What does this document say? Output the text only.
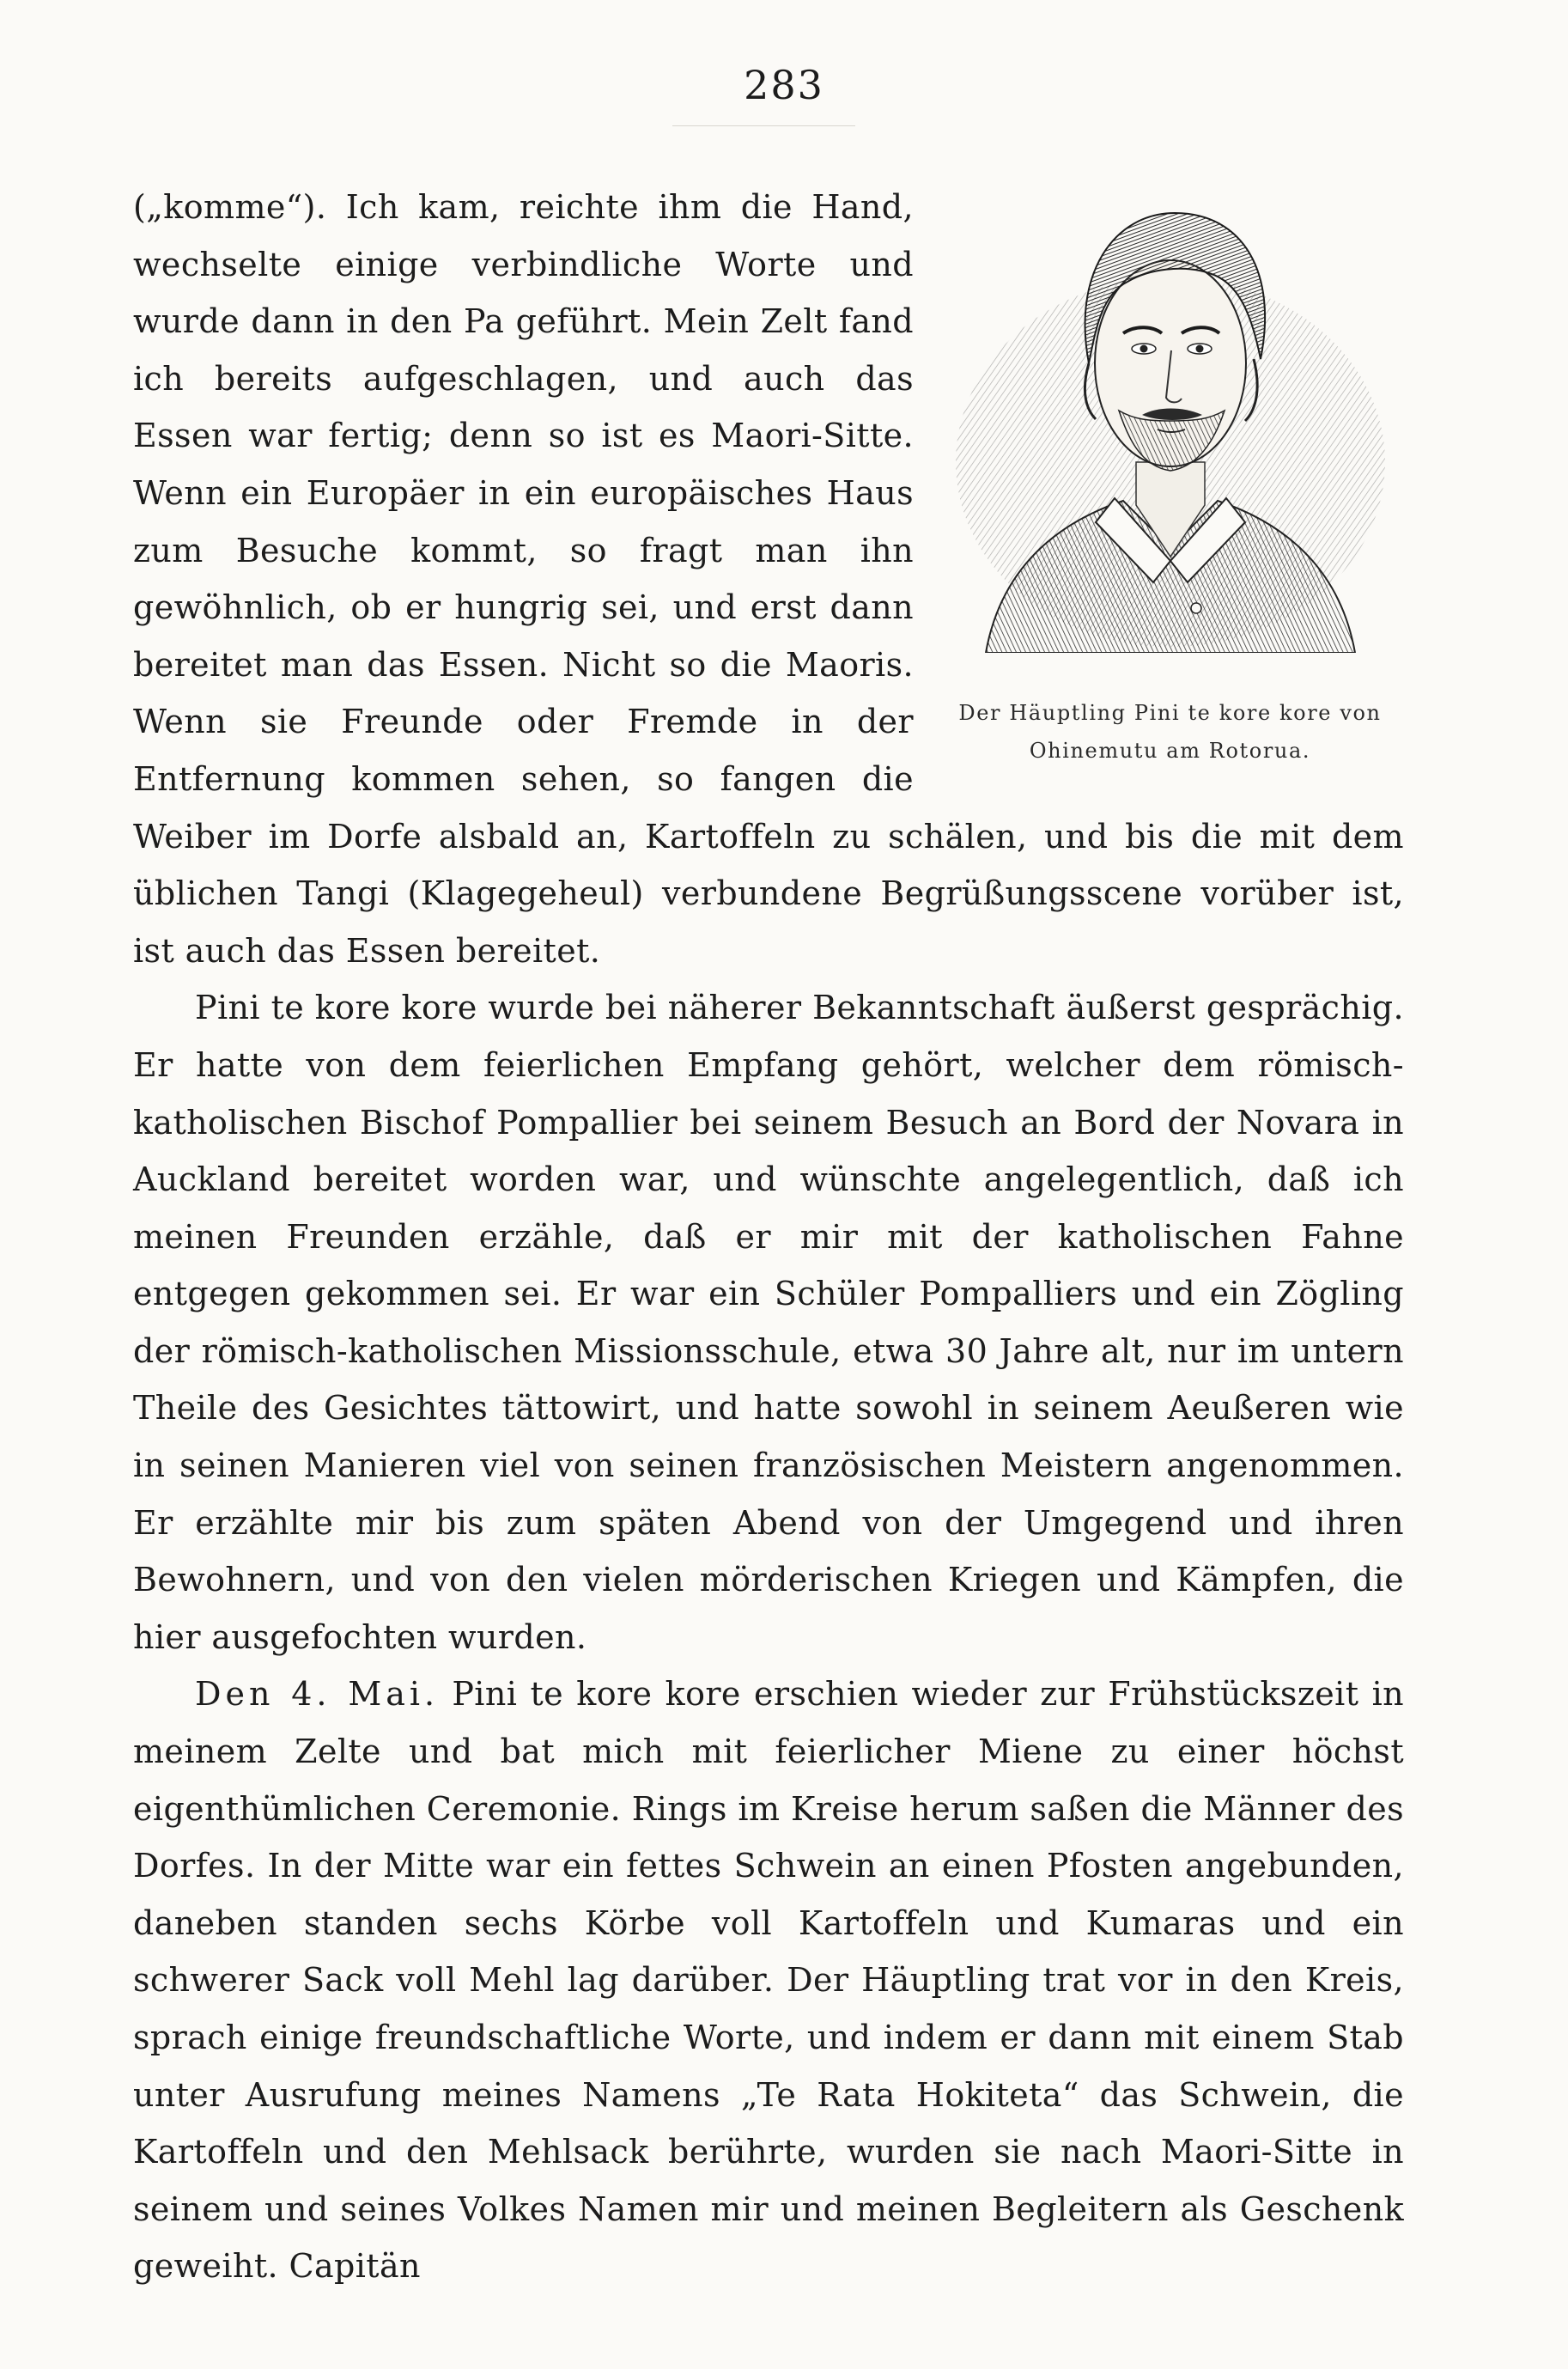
283
Der Häuptling Pini te kore kore von
Ohinemutu am Rotorua.

(„komme“). Ich kam, reichte ihm die Hand, wechselte einige verbindliche Worte und wurde dann in den Pa geführt. Mein Zelt fand ich bereits aufgeschlagen, und auch das Essen war fertig; denn so ist es Maori-Sitte. Wenn ein Europäer in ein europäisches Haus zum Besuche kommt, so fragt man ihn gewöhnlich, ob er hungrig sei, und erst dann bereitet man das Essen. Nicht so die Maoris. Wenn sie Freunde oder Fremde in der Entfernung kommen sehen, so fangen die Weiber im Dorfe alsbald an, Kartoffeln zu schälen, und bis die mit dem üblichen Tangi (Klagegeheul) verbundene Begrüßungsscene vorüber ist, ist auch das Essen bereitet.

Pini te kore kore wurde bei näherer Bekanntschaft äußerst gesprächig. Er hatte von dem feierlichen Empfang gehört, welcher dem römisch-katholischen Bischof Pompallier bei seinem Besuch an Bord der Novara in Auckland bereitet worden war, und wünschte angelegentlich, daß ich meinen Freunden erzähle, daß er mir mit der katholischen Fahne entgegen gekommen sei. Er war ein Schüler Pompalliers und ein Zögling der römisch-katholischen Missionsschule, etwa 30 Jahre alt, nur im untern Theile des Gesichtes tättowirt, und hatte sowohl in seinem Aeußeren wie in seinen Manieren viel von seinen französischen Meistern angenommen. Er erzählte mir bis zum späten Abend von der Umgegend und ihren Bewohnern, und von den vielen mörderischen Kriegen und Kämpfen, die hier ausgefochten wurden.

Den 4. Mai. Pini te kore kore erschien wieder zur Frühstückszeit in meinem Zelte und bat mich mit feierlicher Miene zu einer höchst eigenthümlichen Ceremonie. Rings im Kreise herum saßen die Männer des Dorfes. In der Mitte war ein fettes Schwein an einen Pfosten angebunden, daneben standen sechs Körbe voll Kartoffeln und Kumaras und ein schwerer Sack voll Mehl lag darüber. Der Häuptling trat vor in den Kreis, sprach einige freundschaftliche Worte, und indem er dann mit einem Stab unter Ausrufung meines Namens „Te Rata Hokiteta“ das Schwein, die Kartoffeln und den Mehlsack berührte, wurden sie nach Maori-Sitte in seinem und seines Volkes Namen mir und meinen Begleitern als Geschenk geweiht. Capitän
